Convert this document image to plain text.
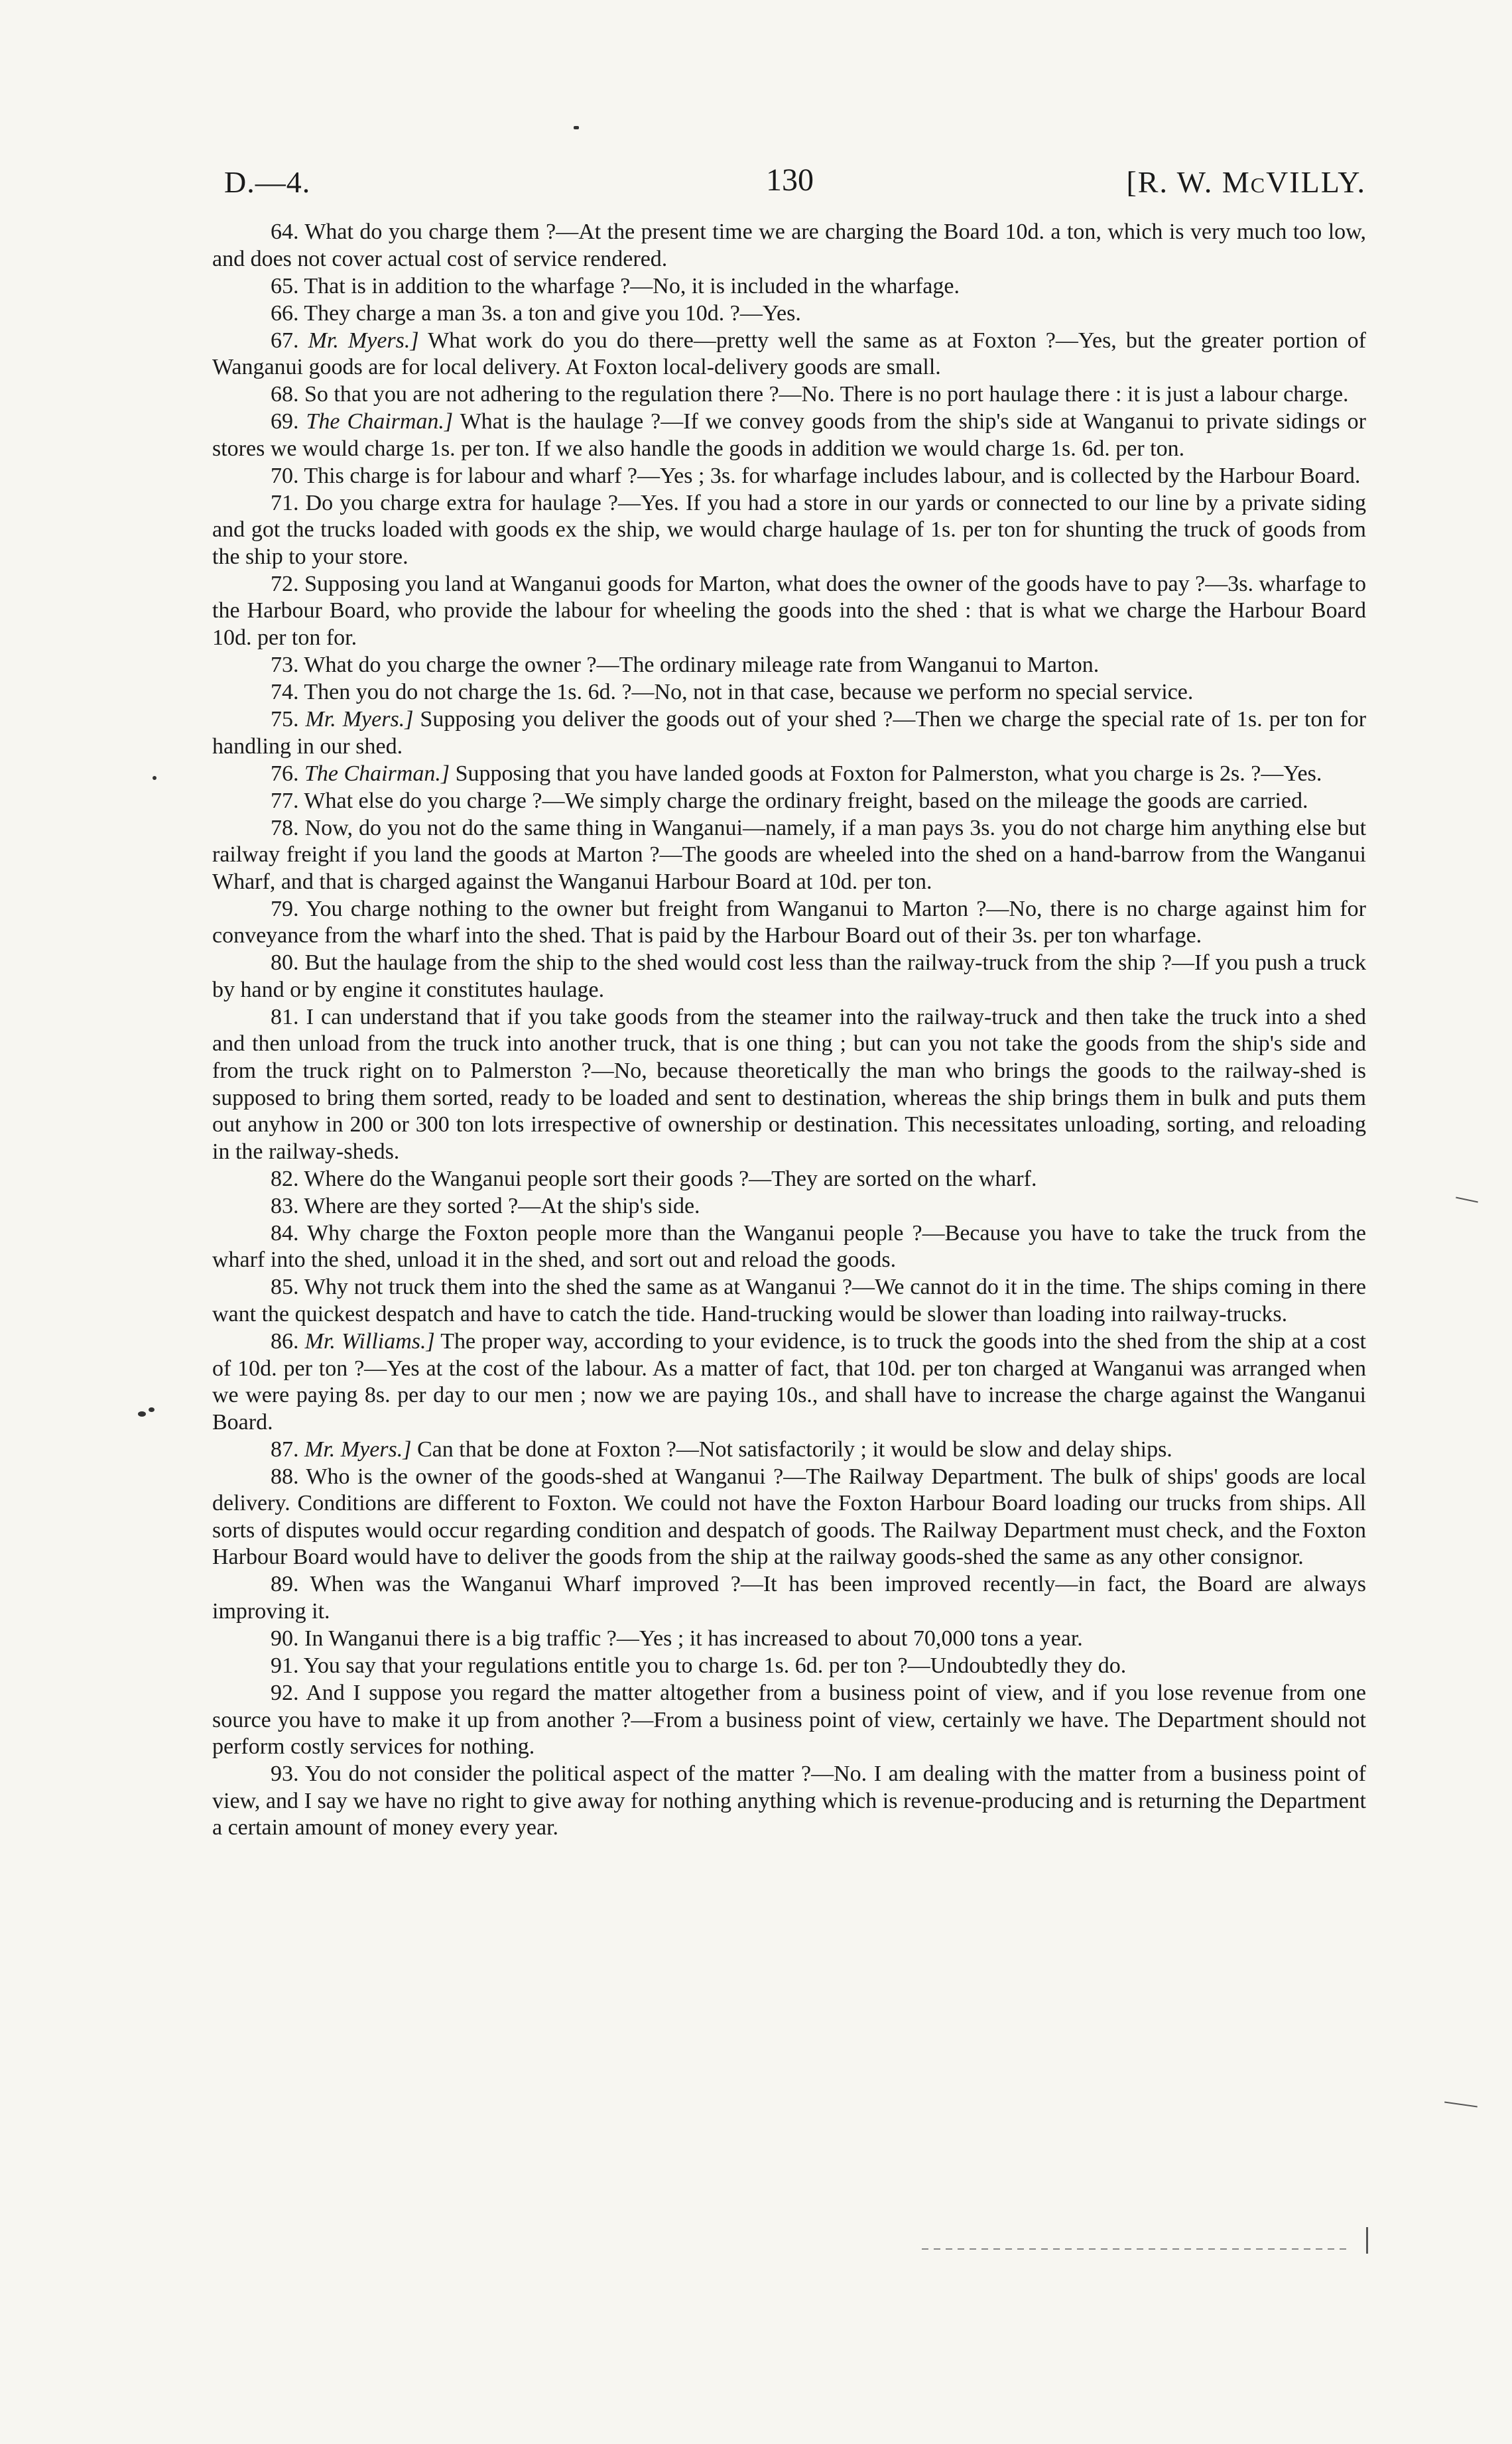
D.—4.	130	[R. W. McVILLY.

64. What do you charge them ?—At the present time we are charging the Board 10d. a ton, which is very much too low, and does not cover actual cost of service rendered.

65. That is in addition to the wharfage ?—No, it is included in the wharfage.

66. They charge a man 3s. a ton and give you 10d. ?—Yes.

67. Mr. Myers.] What work do you do there—pretty well the same as at Foxton ?—Yes, but the greater portion of Wanganui goods are for local delivery. At Foxton local-delivery goods are small.

68. So that you are not adhering to the regulation there ?—No. There is no port haulage there : it is just a labour charge.

69. The Chairman.] What is the haulage ?—If we convey goods from the ship's side at Wanganui to private sidings or stores we would charge 1s. per ton. If we also handle the goods in addition we would charge 1s. 6d. per ton.

70. This charge is for labour and wharf ?—Yes ; 3s. for wharfage includes labour, and is collected by the Harbour Board.

71. Do you charge extra for haulage ?—Yes. If you had a store in our yards or connected to our line by a private siding and got the trucks loaded with goods ex the ship, we would charge haulage of 1s. per ton for shunting the truck of goods from the ship to your store.

72. Supposing you land at Wanganui goods for Marton, what does the owner of the goods have to pay ?—3s. wharfage to the Harbour Board, who provide the labour for wheeling the goods into the shed : that is what we charge the Harbour Board 10d. per ton for.

73. What do you charge the owner ?—The ordinary mileage rate from Wanganui to Marton.

74. Then you do not charge the 1s. 6d. ?—No, not in that case, because we perform no special service.

75. Mr. Myers.] Supposing you deliver the goods out of your shed ?—Then we charge the special rate of 1s. per ton for handling in our shed.

76. The Chairman.] Supposing that you have landed goods at Foxton for Palmerston, what you charge is 2s. ?—Yes.

77. What else do you charge ?—We simply charge the ordinary freight, based on the mileage the goods are carried.

78. Now, do you not do the same thing in Wanganui—namely, if a man pays 3s. you do not charge him anything else but railway freight if you land the goods at Marton ?—The goods are wheeled into the shed on a hand-barrow from the Wanganui Wharf, and that is charged against the Wanganui Harbour Board at 10d. per ton.

79. You charge nothing to the owner but freight from Wanganui to Marton ?—No, there is no charge against him for conveyance from the wharf into the shed. That is paid by the Harbour Board out of their 3s. per ton wharfage.

80. But the haulage from the ship to the shed would cost less than the railway-truck from the ship ?—If you push a truck by hand or by engine it constitutes haulage.

81. I can understand that if you take goods from the steamer into the railway-truck and then take the truck into a shed and then unload from the truck into another truck, that is one thing ; but can you not take the goods from the ship's side and from the truck right on to Palmerston ?—No, because theoretically the man who brings the goods to the railway-shed is supposed to bring them sorted, ready to be loaded and sent to destination, whereas the ship brings them in bulk and puts them out anyhow in 200 or 300 ton lots irrespective of ownership or destination. This necessitates unloading, sorting, and reloading in the railway-sheds.

82. Where do the Wanganui people sort their goods ?—They are sorted on the wharf.

83. Where are they sorted ?—At the ship's side.

84. Why charge the Foxton people more than the Wanganui people ?—Because you have to take the truck from the wharf into the shed, unload it in the shed, and sort out and reload the goods.

85. Why not truck them into the shed the same as at Wanganui ?—We cannot do it in the time. The ships coming in there want the quickest despatch and have to catch the tide. Hand-trucking would be slower than loading into railway-trucks.

86. Mr. Williams.] The proper way, according to your evidence, is to truck the goods into the shed from the ship at a cost of 10d. per ton ?—Yes at the cost of the labour. As a matter of fact, that 10d. per ton charged at Wanganui was arranged when we were paying 8s. per day to our men ; now we are paying 10s., and shall have to increase the charge against the Wanganui Board.

87. Mr. Myers.] Can that be done at Foxton ?—Not satisfactorily ; it would be slow and delay ships.

88. Who is the owner of the goods-shed at Wanganui ?—The Railway Department. The bulk of ships' goods are local delivery. Conditions are different to Foxton. We could not have the Foxton Harbour Board loading our trucks from ships. All sorts of disputes would occur regarding condition and despatch of goods. The Railway Department must check, and the Foxton Harbour Board would have to deliver the goods from the ship at the railway goods-shed the same as any other consignor.

89. When was the Wanganui Wharf improved ?—It has been improved recently—in fact, the Board are always improving it.

90. In Wanganui there is a big traffic ?—Yes ; it has increased to about 70,000 tons a year.

91. You say that your regulations entitle you to charge 1s. 6d. per ton ?—Undoubtedly they do.

92. And I suppose you regard the matter altogether from a business point of view, and if you lose revenue from one source you have to make it up from another ?—From a business point of view, certainly we have. The Department should not perform costly services for nothing.

93. You do not consider the political aspect of the matter ?—No. I am dealing with the matter from a business point of view, and I say we have no right to give away for nothing anything which is revenue-producing and is returning the Department a certain amount of money every year.
